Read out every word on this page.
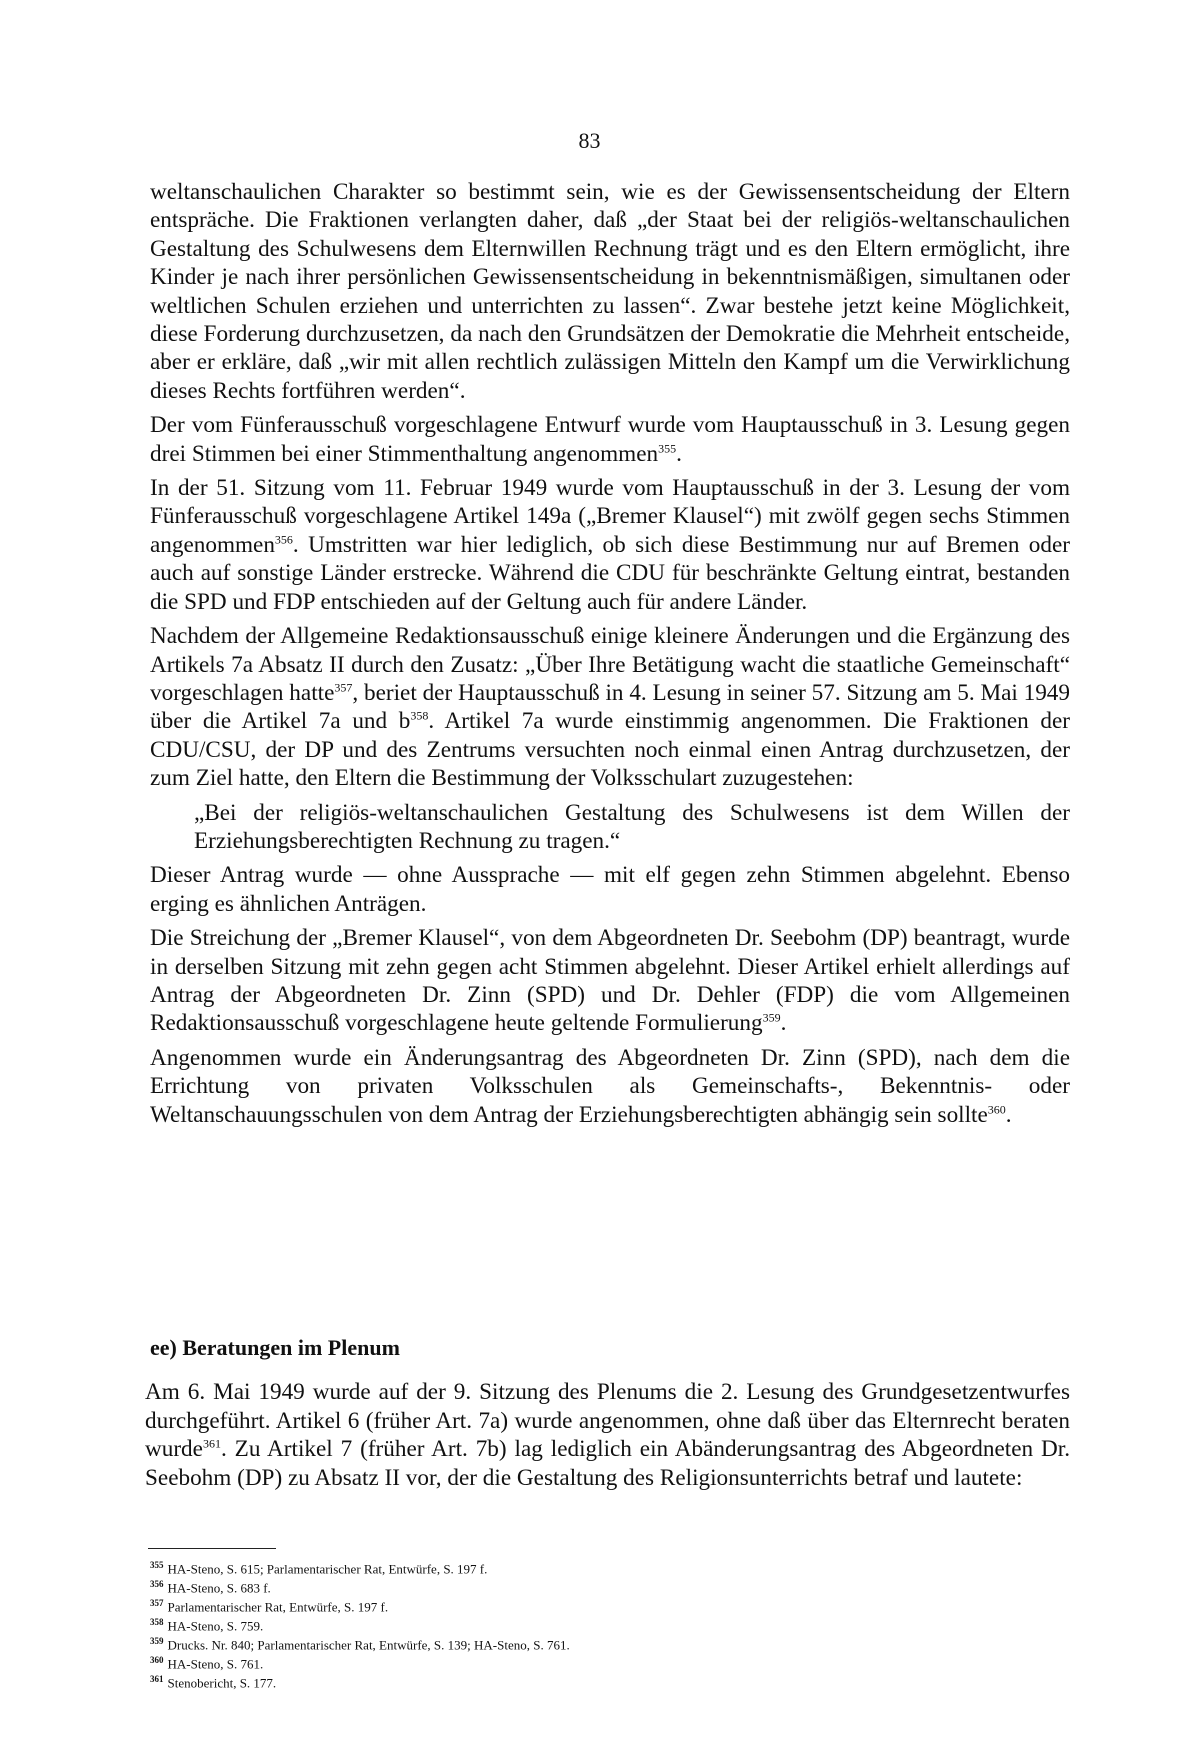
83

weltanschaulichen Charakter so bestimmt sein, wie es der Gewissensentscheidung der Eltern entspräche. Die Fraktionen verlangten daher, daß „der Staat bei der religiös-weltanschaulichen Gestaltung des Schulwesens dem Elternwillen Rechnung trägt und es den Eltern ermöglicht, ihre Kinder je nach ihrer persönlichen Gewissensentscheidung in bekenntnismäßigen, simultanen oder weltlichen Schulen erziehen und unterrichten zu lassen“. Zwar bestehe jetzt keine Möglichkeit, diese Forderung durchzusetzen, da nach den Grundsätzen der Demokratie die Mehrheit entscheide, aber er erkläre, daß „wir mit allen rechtlich zulässigen Mitteln den Kampf um die Verwirklichung dieses Rechts fortführen werden“.

Der vom Fünferausschuß vorgeschlagene Entwurf wurde vom Hauptausschuß in 3. Lesung gegen drei Stimmen bei einer Stimmenthaltung angenommen$^{355}$.

In der 51. Sitzung vom 11. Februar 1949 wurde vom Hauptausschuß in der 3. Lesung der vom Fünferausschuß vorgeschlagene Artikel 149a („Bremer Klausel“) mit zwölf gegen sechs Stimmen angenommen$^{356}$. Umstritten war hier lediglich, ob sich diese Bestimmung nur auf Bremen oder auch auf sonstige Länder erstrecke. Während die CDU für beschränkte Geltung eintrat, bestanden die SPD und FDP entschieden auf der Geltung auch für andere Länder.

Nachdem der Allgemeine Redaktionsausschuß einige kleinere Änderungen und die Ergänzung des Artikels 7a Absatz II durch den Zusatz: „Über Ihre Betätigung wacht die staatliche Gemeinschaft“ vorgeschlagen hatte$^{357}$, beriet der Hauptausschuß in 4. Lesung in seiner 57. Sitzung am 5. Mai 1949 über die Artikel 7a und $b^{358}$. Artikel 7a wurde einstimmig angenommen. Die Fraktionen der CDU/CSU, der DP und des Zentrums versuchten noch einmal einen Antrag durchzusetzen, der zum Ziel hatte, den Eltern die Bestimmung der Volksschulart zuzugestehen:

„Bei der religiös-weltanschaulichen Gestaltung des Schulwesens ist dem Willen der Erziehungsberechtigten Rechnung zu tragen.“

Dieser Antrag wurde — ohne Aussprache — mit elf gegen zehn Stimmen abgelehnt. Ebenso erging es ähnlichen Anträgen.

Die Streichung der „Bremer Klausel“, von dem Abgeordneten Dr. Seebohm (DP) beantragt, wurde in derselben Sitzung mit zehn gegen acht Stimmen abgelehnt. Dieser Artikel erhielt allerdings auf Antrag der Abgeordneten Dr. Zinn (SPD) und Dr. Dehler (FDP) die vom Allgemeinen Redaktionsausschuß vorgeschlagene heute geltende Formulierung$^{359}$.

Angenommen wurde ein Änderungsantrag des Abgeordneten Dr. Zinn (SPD), nach dem die Errichtung von privaten Volksschulen als Gemeinschafts-, Bekenntnis- oder Weltanschauungsschulen von dem Antrag der Erziehungsberechtigten abhängig sein sollte$^{360}$.

ee) Beratungen im Plenum

Am 6. Mai 1949 wurde auf der 9. Sitzung des Plenums die 2. Lesung des Grundgesetzentwurfes durchgeführt. Artikel 6 (früher Art. 7a) wurde angenommen, ohne daß über das Elternrecht beraten wurde$^{361}$. Zu Artikel 7 (früher Art. 7b) lag lediglich ein Abänderungsantrag des Abgeordneten Dr. Seebohm (DP) zu Absatz II vor, der die Gestaltung des Religionsunterrichts betraf und lautete:

$^{355}$ HA-Steno, S. 615; Parlamentarischer Rat, Entwürfe, S. 197 f.
$^{356}$ HA-Steno, S. 683 f.
$^{357}$ Parlamentarischer Rat, Entwürfe, S. 197 f.
$^{358}$ HA-Steno, S. 759.
$^{359}$ Drucks. Nr. 840; Parlamentarischer Rat, Entwürfe, S. 139; HA-Steno, S. 761.
$^{360}$ HA-Steno, S. 761.
$^{361}$ Stenobericht, S. 177.
